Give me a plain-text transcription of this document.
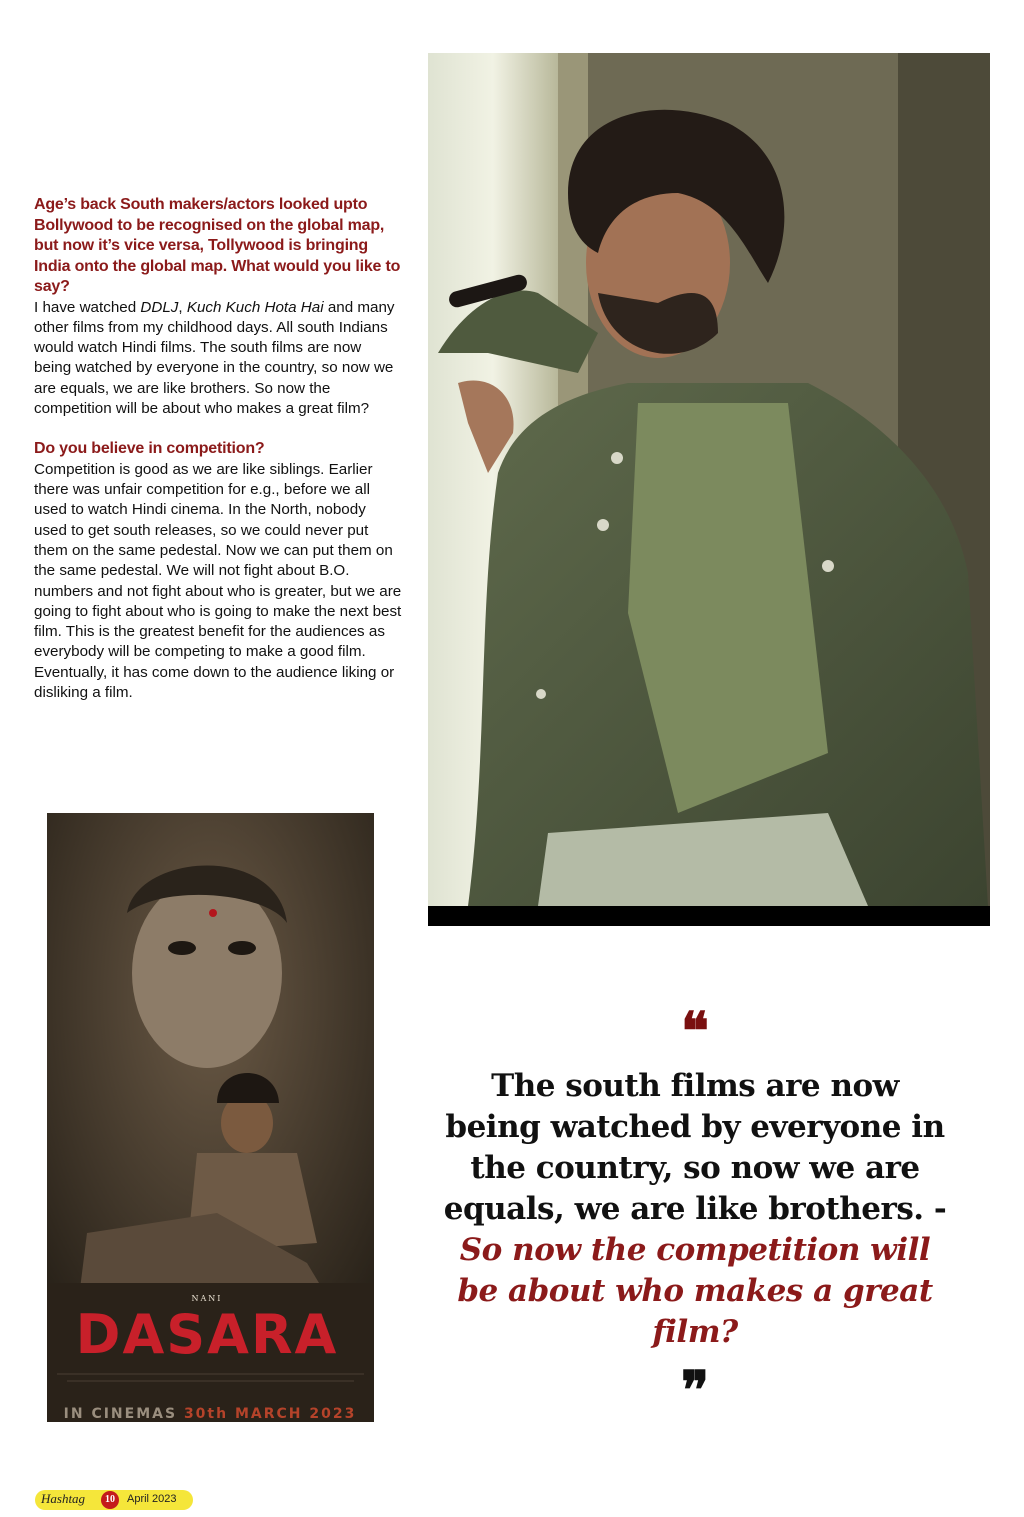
Age’s back South makers/actors looked upto Bollywood to be recognised on the global map, but now it’s vice versa, Tollywood is bringing India onto the global map. What would you like to say?
I have watched DDLJ, Kuch Kuch Hota Hai and many other films from my childhood days. All south Indians would watch Hindi films. The south films are now being watched by everyone in the country, so now we are equals, we are like brothers. So now the competition will be about who makes a great film?
Do you believe in competition?
Competition is good as we are like siblings. Earlier there was unfair competition for e.g., before we all used to watch Hindi cinema. In the North, nobody used to get south releases, so we could never put them on the same pedestal. Now we can put them on the same pedestal. We will not fight about B.O. numbers and not fight about who is greater, but we are going to fight about who is going to make the next best film. This is the greatest benefit for the audiences as everybody will be competing to make a good film. Eventually, it has come down to the audience liking or disliking a film.
NANI
DASARA
IN CINEMAS 30th MARCH 2023
❝
The south films are now being watched by everyone in the country, so now we are equals, we are like brothers. - So now the competition will be about who makes a great film?
❞
Hashtag	10	April 2023
